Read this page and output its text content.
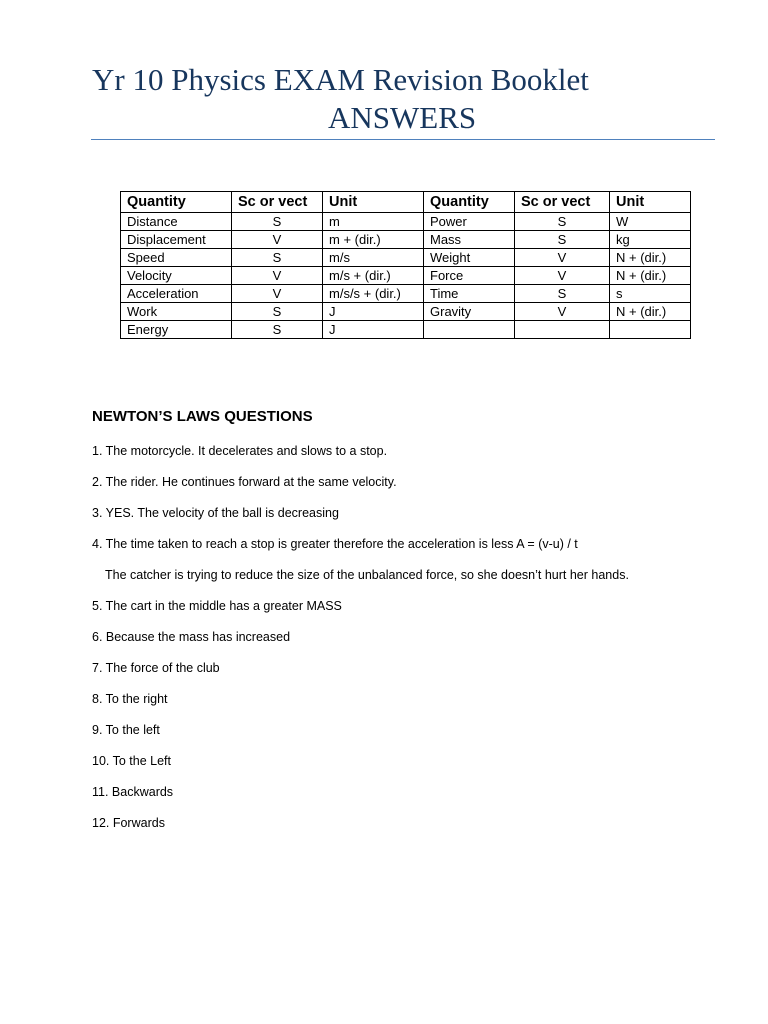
Yr 10 Physics EXAM Revision Booklet
ANSWERS
Quantity	Sc or vect	Unit	Quantity	Sc or vect	Unit
Distance	S	m	Power	S	W
Displacement	V	m + (dir.)	Mass	S	kg
Speed	S	m/s	Weight	V	N + (dir.)
Velocity	V	m/s + (dir.)	Force	V	N + (dir.)
Acceleration	V	m/s/s + (dir.)	Time	S	s
Work	S	J	Gravity	V	N + (dir.)
Energy	S	J			
NEWTON’S LAWS QUESTIONS
1. The motorcycle. It decelerates and slows to a stop.
2. The rider. He continues forward at the same velocity.
3. YES. The velocity of the ball is decreasing
4. The time taken to reach a stop is greater therefore the acceleration is less A = (v-u) / t
The catcher is trying to reduce the size of the unbalanced force, so she doesn’t hurt her hands.
5. The cart in the middle has a greater MASS
6. Because the mass has increased
7. The force of the club
8. To the right
9. To the left
10. To the Left
11. Backwards
12. Forwards
